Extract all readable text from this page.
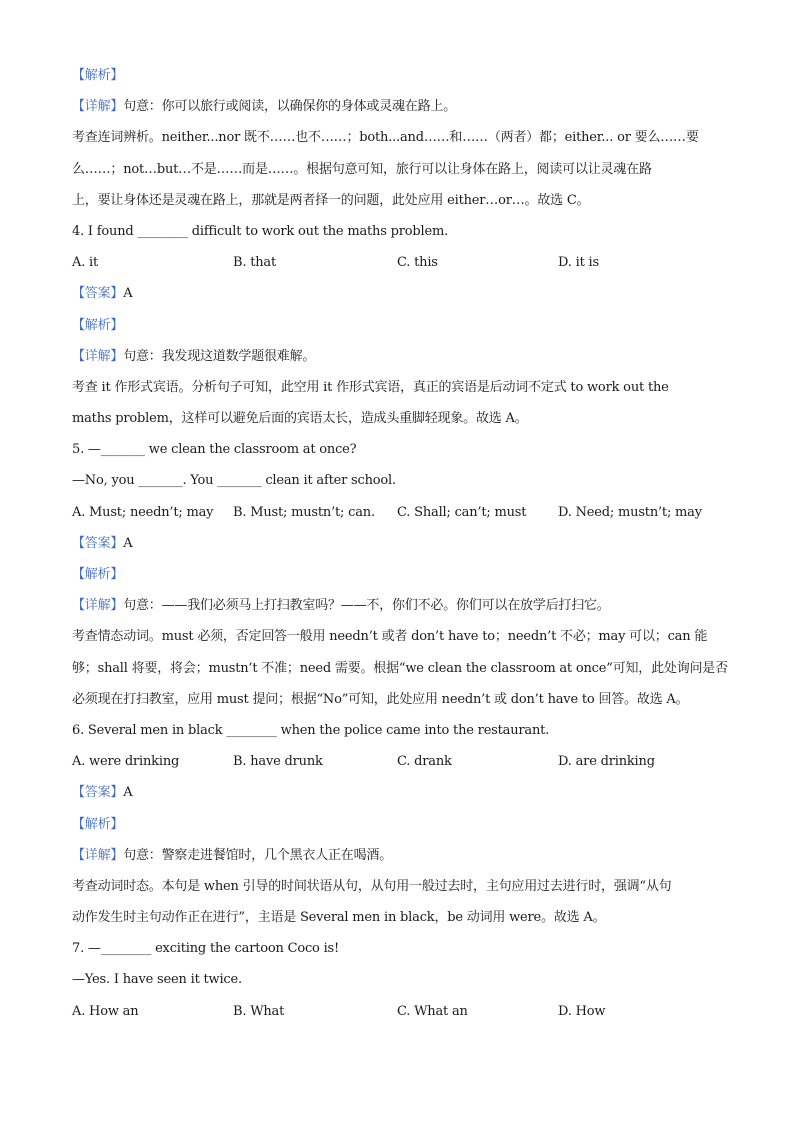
【解析】
【详解】句意：你可以旅行或阅读，以确保你的身体或灵魂在路上。
考查连词辨析。neither...nor 既不……也不……；both...and……和……（两者）都；either... or 要么……要
么……；not…but…不是……而是……。根据句意可知，旅行可以让身体在路上，阅读可以让灵魂在路
上，要让身体还是灵魂在路上，那就是两者择一的问题，此处应用 either…or…。故选 C。
4. I found ________ difficult to work out the maths problem.
A. it	B. that	C. this	D. it is
【答案】A
【解析】
【详解】句意：我发现这道数学题很难解。
考查 it 作形式宾语。分析句子可知，此空用 it 作形式宾语，真正的宾语是后动词不定式 to work out the
maths problem，这样可以避免后面的宾语太长，造成头重脚轻现象。故选 A。
5. —_______ we clean the classroom at once?
—No, you _______. You _______ clean it after school.
A. Must; needn’t; may B. Must; mustn’t; can. C. Shall; can’t; must D. Need; mustn’t; may
【答案】A
【解析】
【详解】句意：——我们必须马上打扫教室吗？——不，你们不必。你们可以在放学后打扫它。
考查情态动词。must 必须，否定回答一般用 needn’t 或者 don’t have to；needn’t 不必；may 可以；can 能
够；shall 将要，将会；mustn’t 不准；need 需要。根据“we clean the classroom at once”可知，此处询问是否
必须现在打扫教室，应用 must 提问；根据“No”可知，此处应用 needn’t 或 don’t have to 回答。故选 A。
6. Several men in black ________ when the police came into the restaurant.
A. were drinking	B. have drunk	C. drank	D. are drinking
【答案】A
【解析】
【详解】句意：警察走进餐馆时，几个黑衣人正在喝酒。
考查动词时态。本句是 when 引导的时间状语从句，从句用一般过去时，主句应用过去进行时，强调“从句
动作发生时主句动作正在进行”，主语是 Several men in black，be 动词用 were。故选 A。
7. —________ exciting the cartoon Coco is!
—Yes. I have seen it twice.
A. How an	B. What	C. What an	D. How
